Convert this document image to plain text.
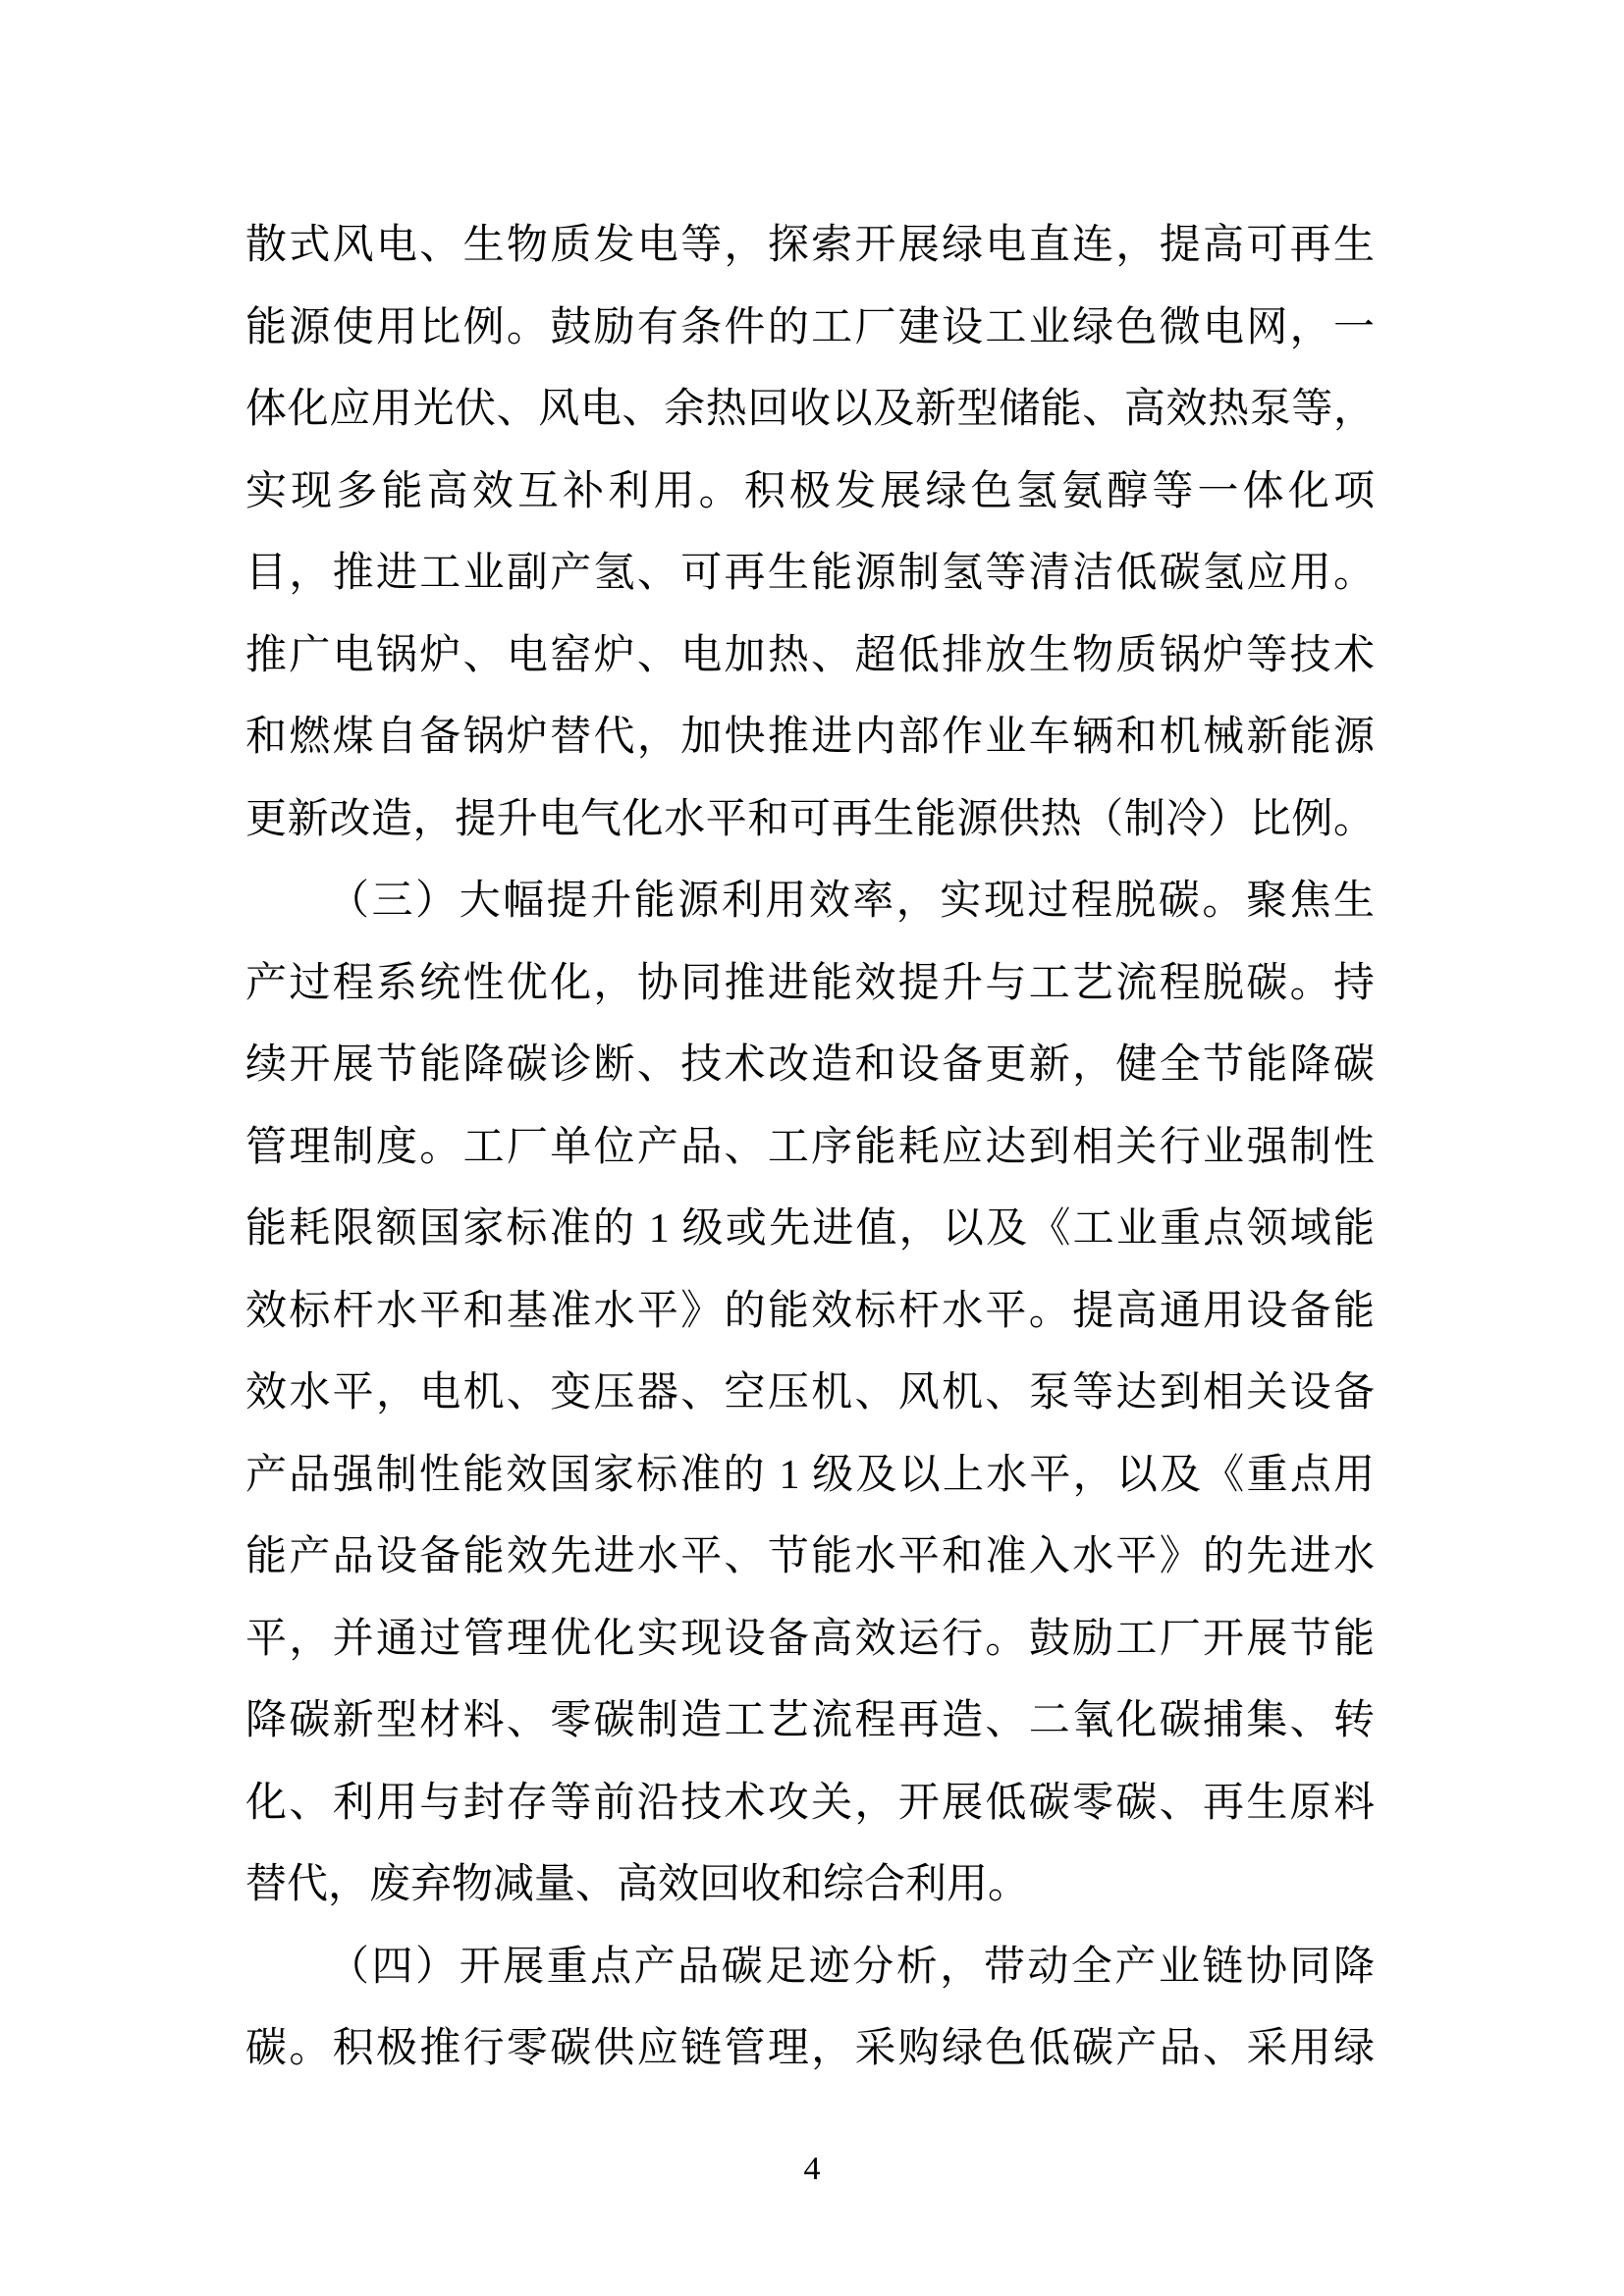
散式风电、生物质发电等，探索开展绿电直连，提高可再生

能源使用比例。鼓励有条件的工厂建设工业绿色微电网，一

体化应用光伏、风电、余热回收以及新型储能、高效热泵等，

实现多能高效互补利用。积极发展绿色氢氨醇等一体化项

目，推进工业副产氢、可再生能源制氢等清洁低碳氢应用。

推广电锅炉、电窑炉、电加热、超低排放生物质锅炉等技术

和燃煤自备锅炉替代，加快推进内部作业车辆和机械新能源

更新改造，提升电气化水平和可再生能源供热（制冷）比例。

（三）大幅提升能源利用效率，实现过程脱碳。聚焦生

产过程系统性优化，协同推进能效提升与工艺流程脱碳。持

续开展节能降碳诊断、技术改造和设备更新，健全节能降碳

管理制度。工厂单位产品、工序能耗应达到相关行业强制性

能耗限额国家标准的 1 级或先进值，以及《工业重点领域能

效标杆水平和基准水平》的能效标杆水平。提高通用设备能

效水平，电机、变压器、空压机、风机、泵等达到相关设备

产品强制性能效国家标准的 1 级及以上水平，以及《重点用

能产品设备能效先进水平、节能水平和准入水平》的先进水

平，并通过管理优化实现设备高效运行。鼓励工厂开展节能

降碳新型材料、零碳制造工艺流程再造、二氧化碳捕集、转

化、利用与封存等前沿技术攻关，开展低碳零碳、再生原料

替代，废弃物减量、高效回收和综合利用。

（四）开展重点产品碳足迹分析，带动全产业链协同降

碳。积极推行零碳供应链管理，采购绿色低碳产品、采用绿

4
